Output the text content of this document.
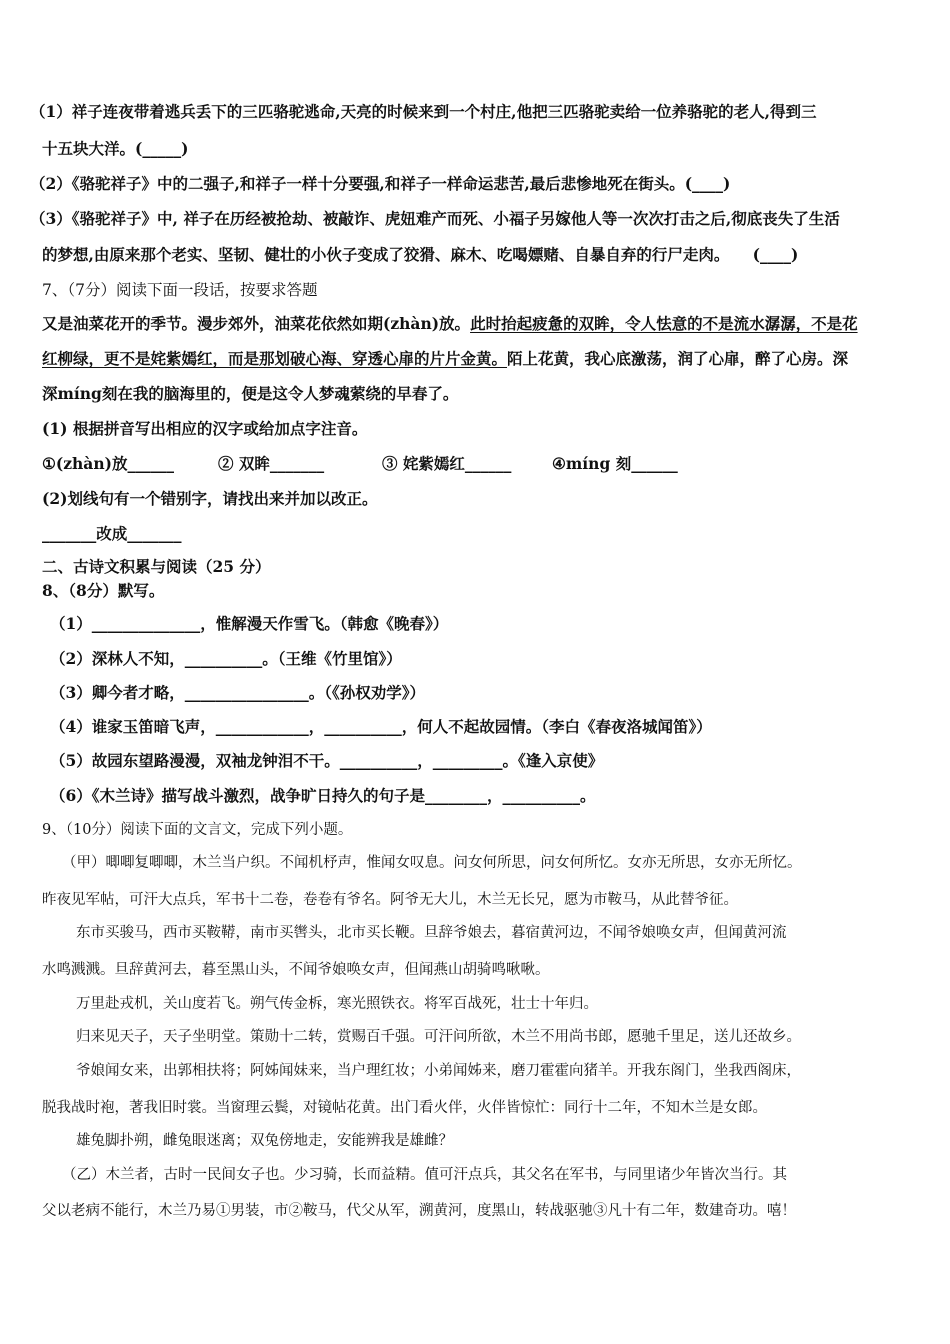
（1）祥子连夜带着逃兵丢下的三匹骆驼逃命,天亮的时候来到一个村庄,他把三匹骆驼卖给一位养骆驼的老人,得到三
十五块大洋。(_____)
（2）《骆驼祥子》中的二强子,和祥子一样十分要强,和祥子一样命运悲苦,最后悲惨地死在街头。(____)
（3）《骆驼祥子》中, 祥子在历经被抢劫、被敲诈、虎妞难产而死、小福子另嫁他人等一次次打击之后,彻底丧失了生活
的梦想,由原来那个老实、坚韧、健壮的小伙子变成了狡猾、麻木、吃喝嫖赌、自暴自弃的行尸走肉。　　(____)
7、（7分）阅读下面一段话，按要求答题
又是油菜花开的季节。漫步郊外，油菜花依然如期(zhàn)放。此时抬起疲惫的双眸，令人怯意的不是流水潺潺，不是花
红柳绿，更不是姹紫嫣红，而是那划破心海、穿透心扉的片片金黄。陌上花黄，我心底激荡，润了心扉，醉了心房。深
深míng刻在我的脑海里的，便是这令人梦魂萦绕的早春了。
(1) 根据拼音写出相应的汉字或给加点字注音。
①(zhàn)放______	② 双眸_______	③ 姹紫嫣红______	④míng 刻______
(2)划线句有一个错别字，请找出来并加以改正。
_______改成_______
二、古诗文积累与阅读（25 分）
8、（8分）默写。
（1）______________，惟解漫天作雪飞。（韩愈《晚春》）
（2）深林人不知，__________。（王维《竹里馆》）
（3）卿今者才略，________________。（《孙权劝学》）
（4）谁家玉笛暗飞声，____________，__________，何人不起故园情。（李白《春夜洛城闻笛》）
（5）故园东望路漫漫，双袖龙钟泪不干。__________，_________。《逢入京使》
（6）《木兰诗》描写战斗激烈，战争旷日持久的句子是________，__________。
9、（10分）阅读下面的文言文，完成下列小题。
（甲）唧唧复唧唧，木兰当户织。不闻机杼声，惟闻女叹息。问女何所思，问女何所忆。女亦无所思，女亦无所忆。
昨夜见军帖，可汗大点兵，军书十二卷，卷卷有爷名。阿爷无大儿，木兰无长兄，愿为市鞍马，从此替爷征。
东市买骏马，西市买鞍鞯，南市买辔头，北市买长鞭。旦辞爷娘去，暮宿黄河边，不闻爷娘唤女声，但闻黄河流
水鸣溅溅。旦辞黄河去，暮至黑山头，不闻爷娘唤女声，但闻燕山胡骑鸣啾啾。
万里赴戎机，关山度若飞。朔气传金柝，寒光照铁衣。将军百战死，壮士十年归。
归来见天子，天子坐明堂。策勋十二转，赏赐百千强。可汗问所欲，木兰不用尚书郎，愿驰千里足，送儿还故乡。
爷娘闻女来，出郭相扶将；阿姊闻妹来，当户理红妆；小弟闻姊来，磨刀霍霍向猪羊。开我东阁门，坐我西阁床，
脱我战时袍，著我旧时裳。当窗理云鬓，对镜帖花黄。出门看火伴，火伴皆惊忙：同行十二年，不知木兰是女郎。
雄兔脚扑朔，雌兔眼迷离；双兔傍地走，安能辨我是雄雌？
（乙）木兰者，古时一民间女子也。少习骑，长而益精。值可汗点兵，其父名在军书，与同里诸少年皆次当行。其
父以老病不能行，木兰乃易①男装，市②鞍马，代父从军，溯黄河，度黑山，转战驱驰③凡十有二年，数建奇功。嘻！
